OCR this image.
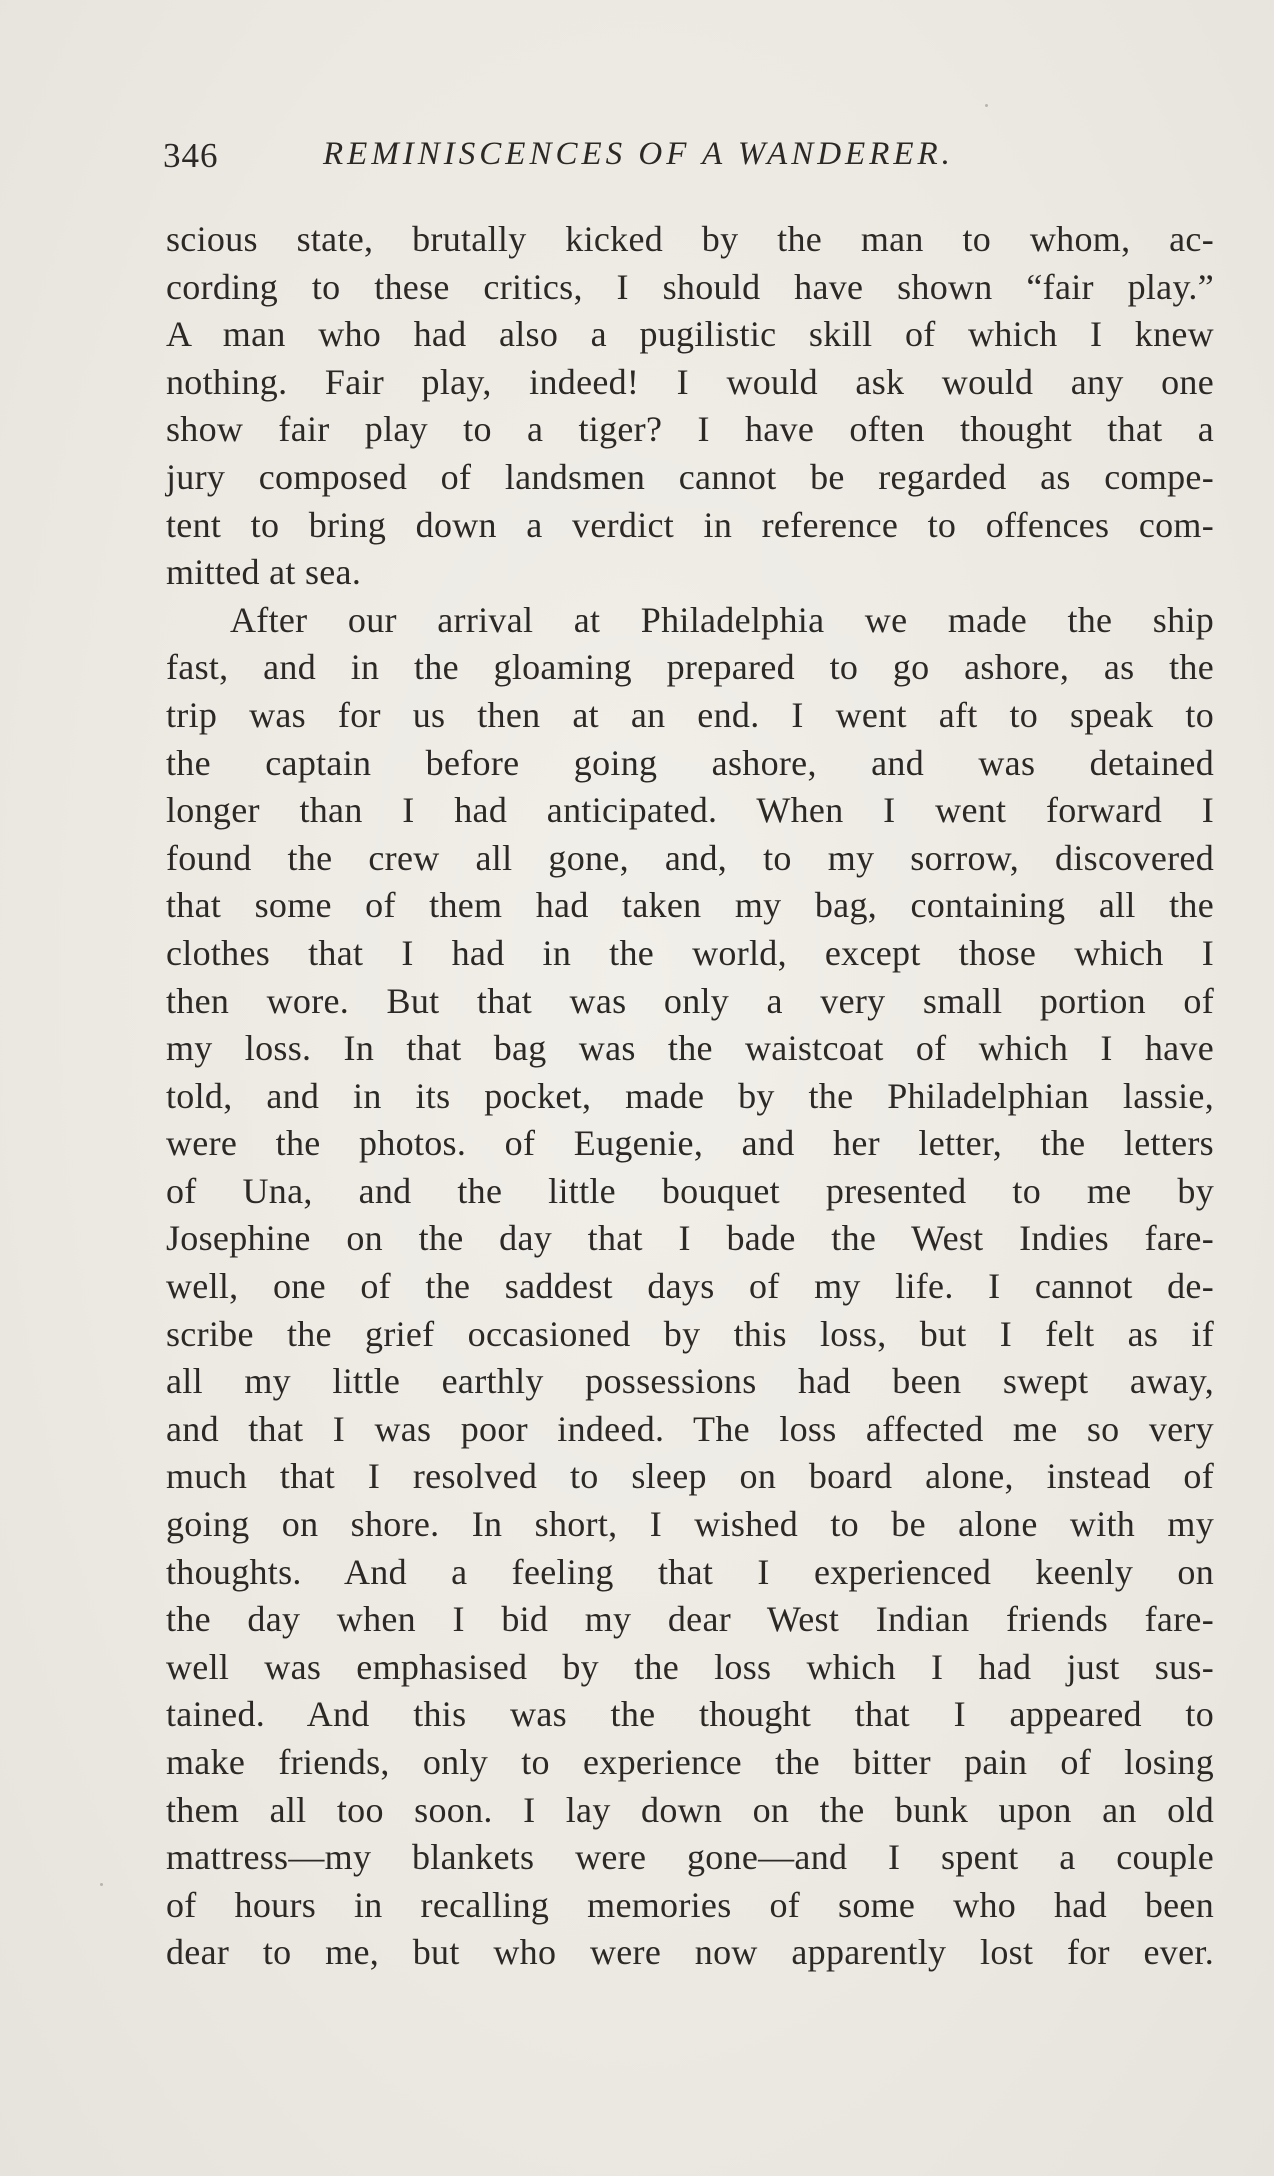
346	REMINISCENCES OF A WANDERER.
scious state, brutally kicked by the man to whom, ac-
cording to these critics, I should have shown “fair play.”
A man who had also a pugilistic skill of which I knew
nothing. Fair play, indeed! I would ask would any one
show fair play to a tiger? I have often thought that a
jury composed of landsmen cannot be regarded as compe-
tent to bring down a verdict in reference to offences com-
mitted at sea.
After our arrival at Philadelphia we made the ship
fast, and in the gloaming prepared to go ashore, as the
trip was for us then at an end. I went aft to speak to
the captain before going ashore, and was detained
longer than I had anticipated. When I went forward I
found the crew all gone, and, to my sorrow, discovered
that some of them had taken my bag, containing all the
clothes that I had in the world, except those which I
then wore. But that was only a very small portion of
my loss. In that bag was the waistcoat of which I have
told, and in its pocket, made by the Philadelphian lassie,
were the photos. of Eugenie, and her letter, the letters
of Una, and the little bouquet presented to me by
Josephine on the day that I bade the West Indies fare-
well, one of the saddest days of my life. I cannot de-
scribe the grief occasioned by this loss, but I felt as if
all my little earthly possessions had been swept away,
and that I was poor indeed. The loss affected me so very
much that I resolved to sleep on board alone, instead of
going on shore. In short, I wished to be alone with my
thoughts. And a feeling that I experienced keenly on
the day when I bid my dear West Indian friends fare-
well was emphasised by the loss which I had just sus-
tained. And this was the thought that I appeared to
make friends, only to experience the bitter pain of losing
them all too soon. I lay down on the bunk upon an old
mattress—my blankets were gone—and I spent a couple
of hours in recalling memories of some who had been
dear to me, but who were now apparently lost for ever.
